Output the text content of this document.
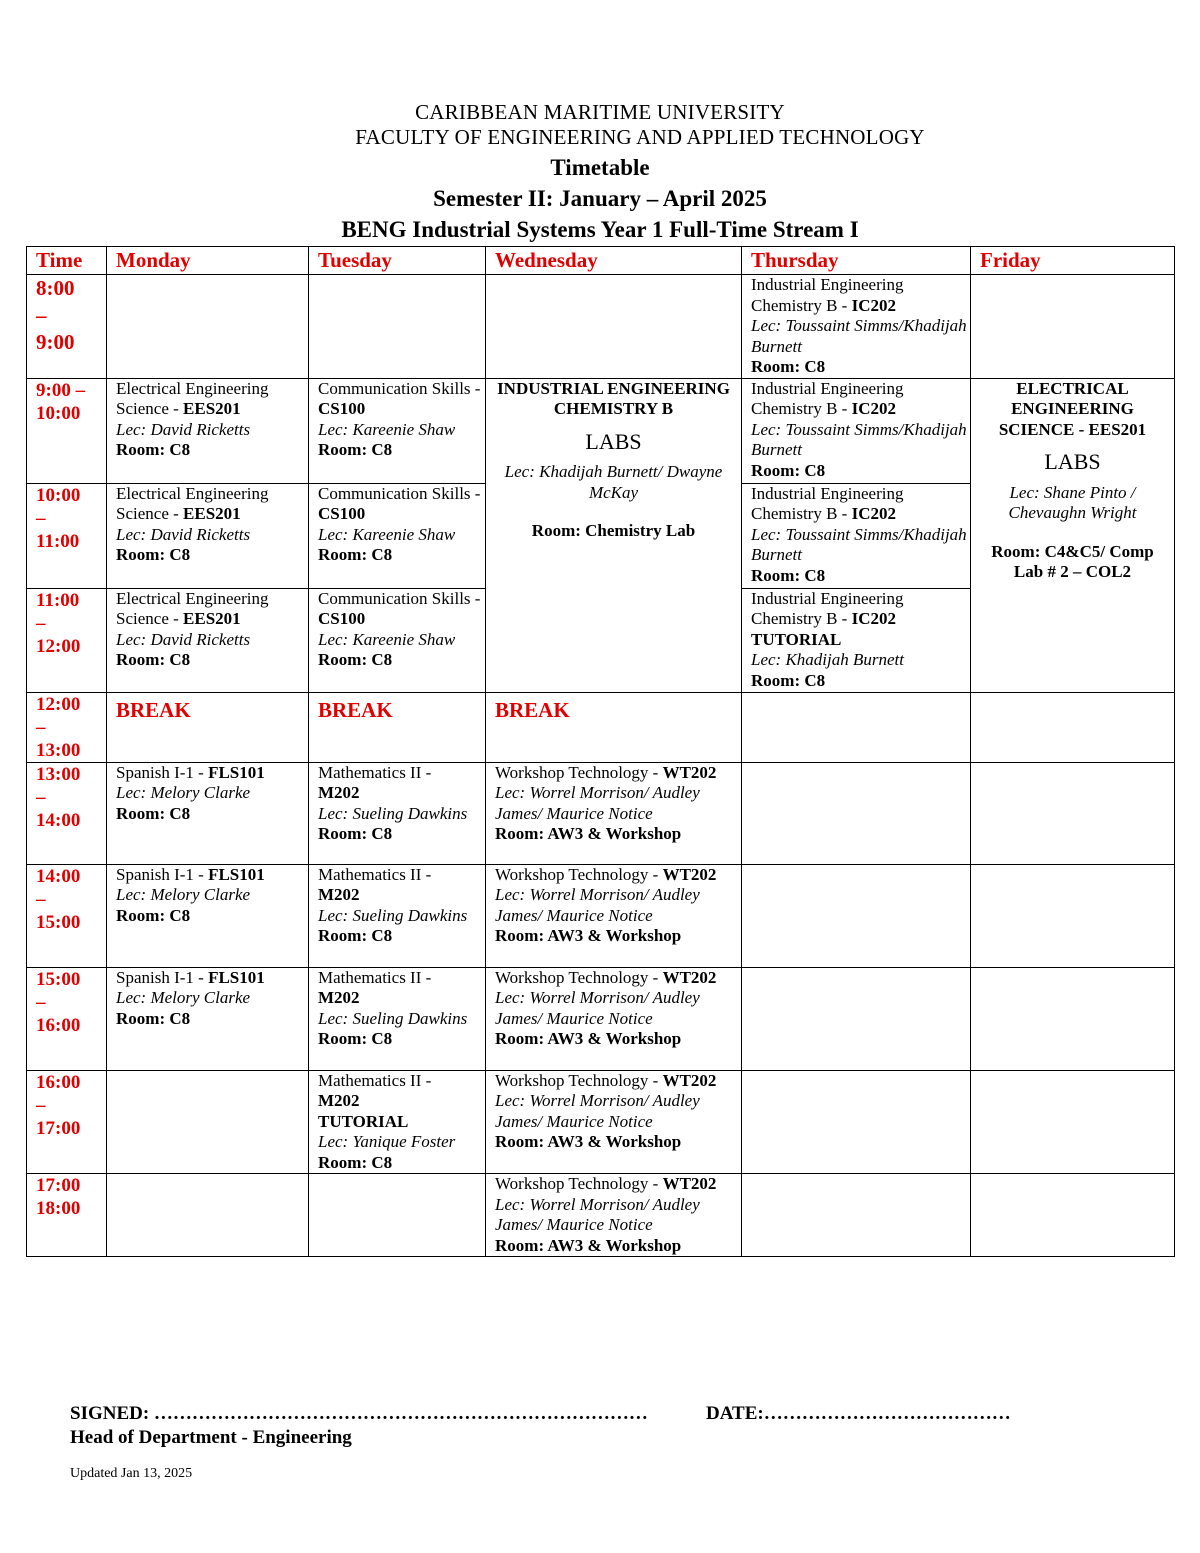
CARIBBEAN MARITIME UNIVERSITY
FACULTY OF ENGINEERING AND APPLIED TECHNOLOGY
Timetable
Semester II: January – April 2025
BENG Industrial Systems Year 1 Full-Time Stream I
Time	Monday	Tuesday	Wednesday	Thursday	Friday

8:00
–
9:00				Industrial Engineering Chemistry B - IC202
Lec: Toussaint Simms/Khadijah Burnett
Room: C8	

9:00 –
10:00	Electrical Engineering Science - EES201
Lec: David Ricketts
Room: C8	Communication Skills - CS100
Lec: Kareenie Shaw
Room: C8	INDUSTRIAL ENGINEERING CHEMISTRY B
LABS
Lec: Khadijah Burnett/ Dwayne McKay
Room: Chemistry Lab	Industrial Engineering Chemistry B - IC202
Lec: Toussaint Simms/Khadijah Burnett
Room: C8	ELECTRICAL ENGINEERING SCIENCE - EES201
LABS
Lec: Shane Pinto / Chevaughn Wright
Room: C4&C5/ Comp Lab # 2 – COL2

10:00
–
11:00	Electrical Engineering Science - EES201
Lec: David Ricketts
Room: C8	Communication Skills - CS100
Lec: Kareenie Shaw
Room: C8		Industrial Engineering Chemistry B - IC202
Lec: Toussaint Simms/Khadijah Burnett
Room: C8	

11:00
–
12:00	Electrical Engineering Science - EES201
Lec: David Ricketts
Room: C8	Communication Skills - CS100
Lec: Kareenie Shaw
Room: C8		Industrial Engineering Chemistry B - IC202
TUTORIAL
Lec: Khadijah Burnett
Room: C8	

12:00
–
13:00	BREAK	BREAK	BREAK		

13:00
–
14:00	Spanish I-1 - FLS101
Lec: Melory Clarke
Room: C8	Mathematics II -
M202
Lec: Sueling Dawkins
Room: C8	Workshop Technology - WT202
Lec: Worrel Morrison/ Audley James/ Maurice Notice
Room: AW3 & Workshop		

14:00
–
15:00	Spanish I-1 - FLS101
Lec: Melory Clarke
Room: C8	Mathematics II -
M202
Lec: Sueling Dawkins
Room: C8	Workshop Technology - WT202
Lec: Worrel Morrison/ Audley James/ Maurice Notice
Room: AW3 & Workshop		

15:00
–
16:00	Spanish I-1 - FLS101
Lec: Melory Clarke
Room: C8	Mathematics II -
M202
Lec: Sueling Dawkins
Room: C8	Workshop Technology - WT202
Lec: Worrel Morrison/ Audley James/ Maurice Notice
Room: AW3 & Workshop		

16:00
–
17:00		Mathematics II -
M202
TUTORIAL
Lec: Yanique Foster
Room: C8	Workshop Technology - WT202
Lec: Worrel Morrison/ Audley James/ Maurice Notice
Room: AW3 & Workshop		

17:00
18:00			Workshop Technology - WT202
Lec: Worrel Morrison/ Audley James/ Maurice Notice
Room: AW3 & Workshop		
SIGNED: ……………………………………………………………………
Head of Department - Engineering
DATE:…………………………………
Updated Jan 13, 2025
